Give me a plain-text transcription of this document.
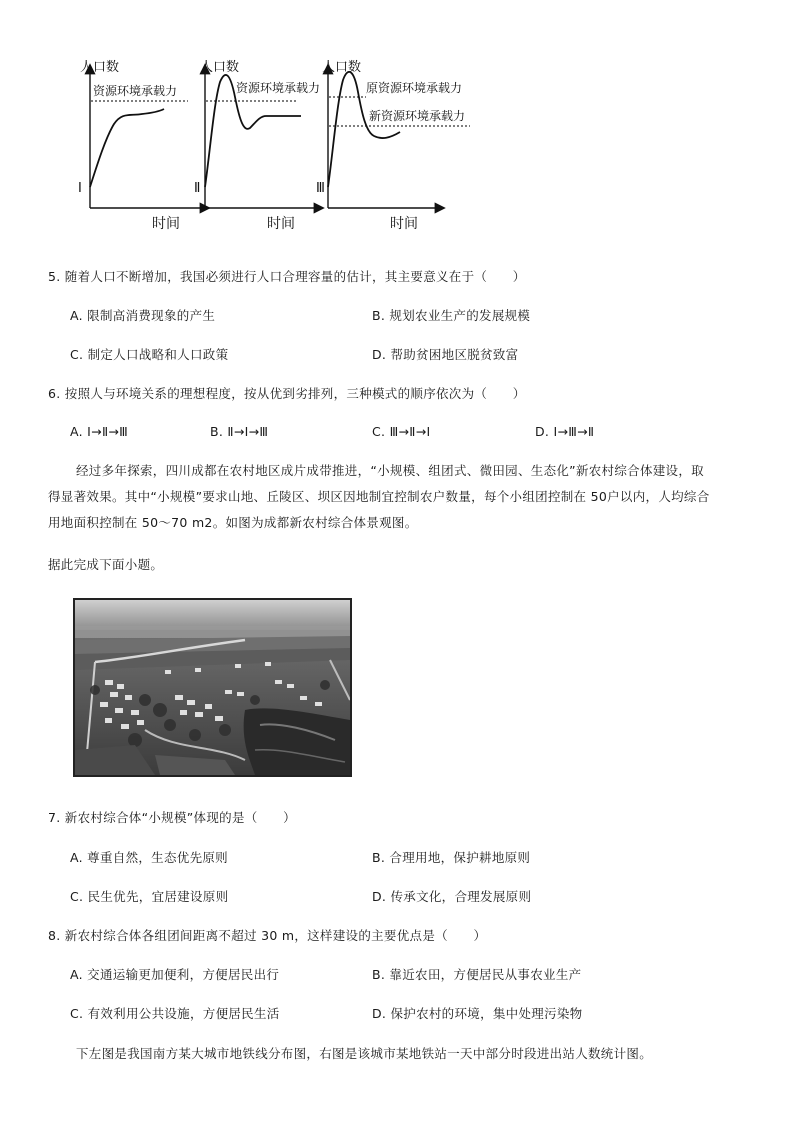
人口数
时间
Ⅰ
资源环境承载力
人口数
时间
Ⅱ
资源环境承载力
人口数
时间
Ⅲ
原资源环境承载力
新资源环境承载力
5. 随着人口不断增加，我国必须进行人口合理容量的估计，其主要意义在于（　　）
A. 限制高消费现象的产生	B. 规划农业生产的发展规模
C. 制定人口战略和人口政策	D. 帮助贫困地区脱贫致富
6. 按照人与环境关系的理想程度，按从优到劣排列，三种模式的顺序依次为（　　）
A. Ⅰ→Ⅱ→Ⅲ	B. Ⅱ→Ⅰ→Ⅲ	C. Ⅲ→Ⅱ→Ⅰ	D. Ⅰ→Ⅲ→Ⅱ
经过多年探索，四川成都在农村地区成片成带推进，“小规模、组团式、微田园、生态化”新农村综合体建设，取
得显著效果。其中“小规模”要求山地、丘陵区、坝区因地制宜控制农户数量，每个小组团控制在 50户以内，人均综合
用地面积控制在 50～70 m2。如图为成都新农村综合体景观图。
据此完成下面小题。
7. 新农村综合体“小规模”体现的是（　　）
A. 尊重自然，生态优先原则	B. 合理用地，保护耕地原则
C. 民生优先，宜居建设原则	D. 传承文化，合理发展原则
8. 新农村综合体各组团间距离不超过 30 m，这样建设的主要优点是（　　）
A. 交通运输更加便利，方便居民出行	B. 靠近农田，方便居民从事农业生产
C. 有效利用公共设施，方便居民生活	D. 保护农村的环境，集中处理污染物
下左图是我国南方某大城市地铁线分布图，右图是该城市某地铁站一天中部分时段进出站人数统计图。
